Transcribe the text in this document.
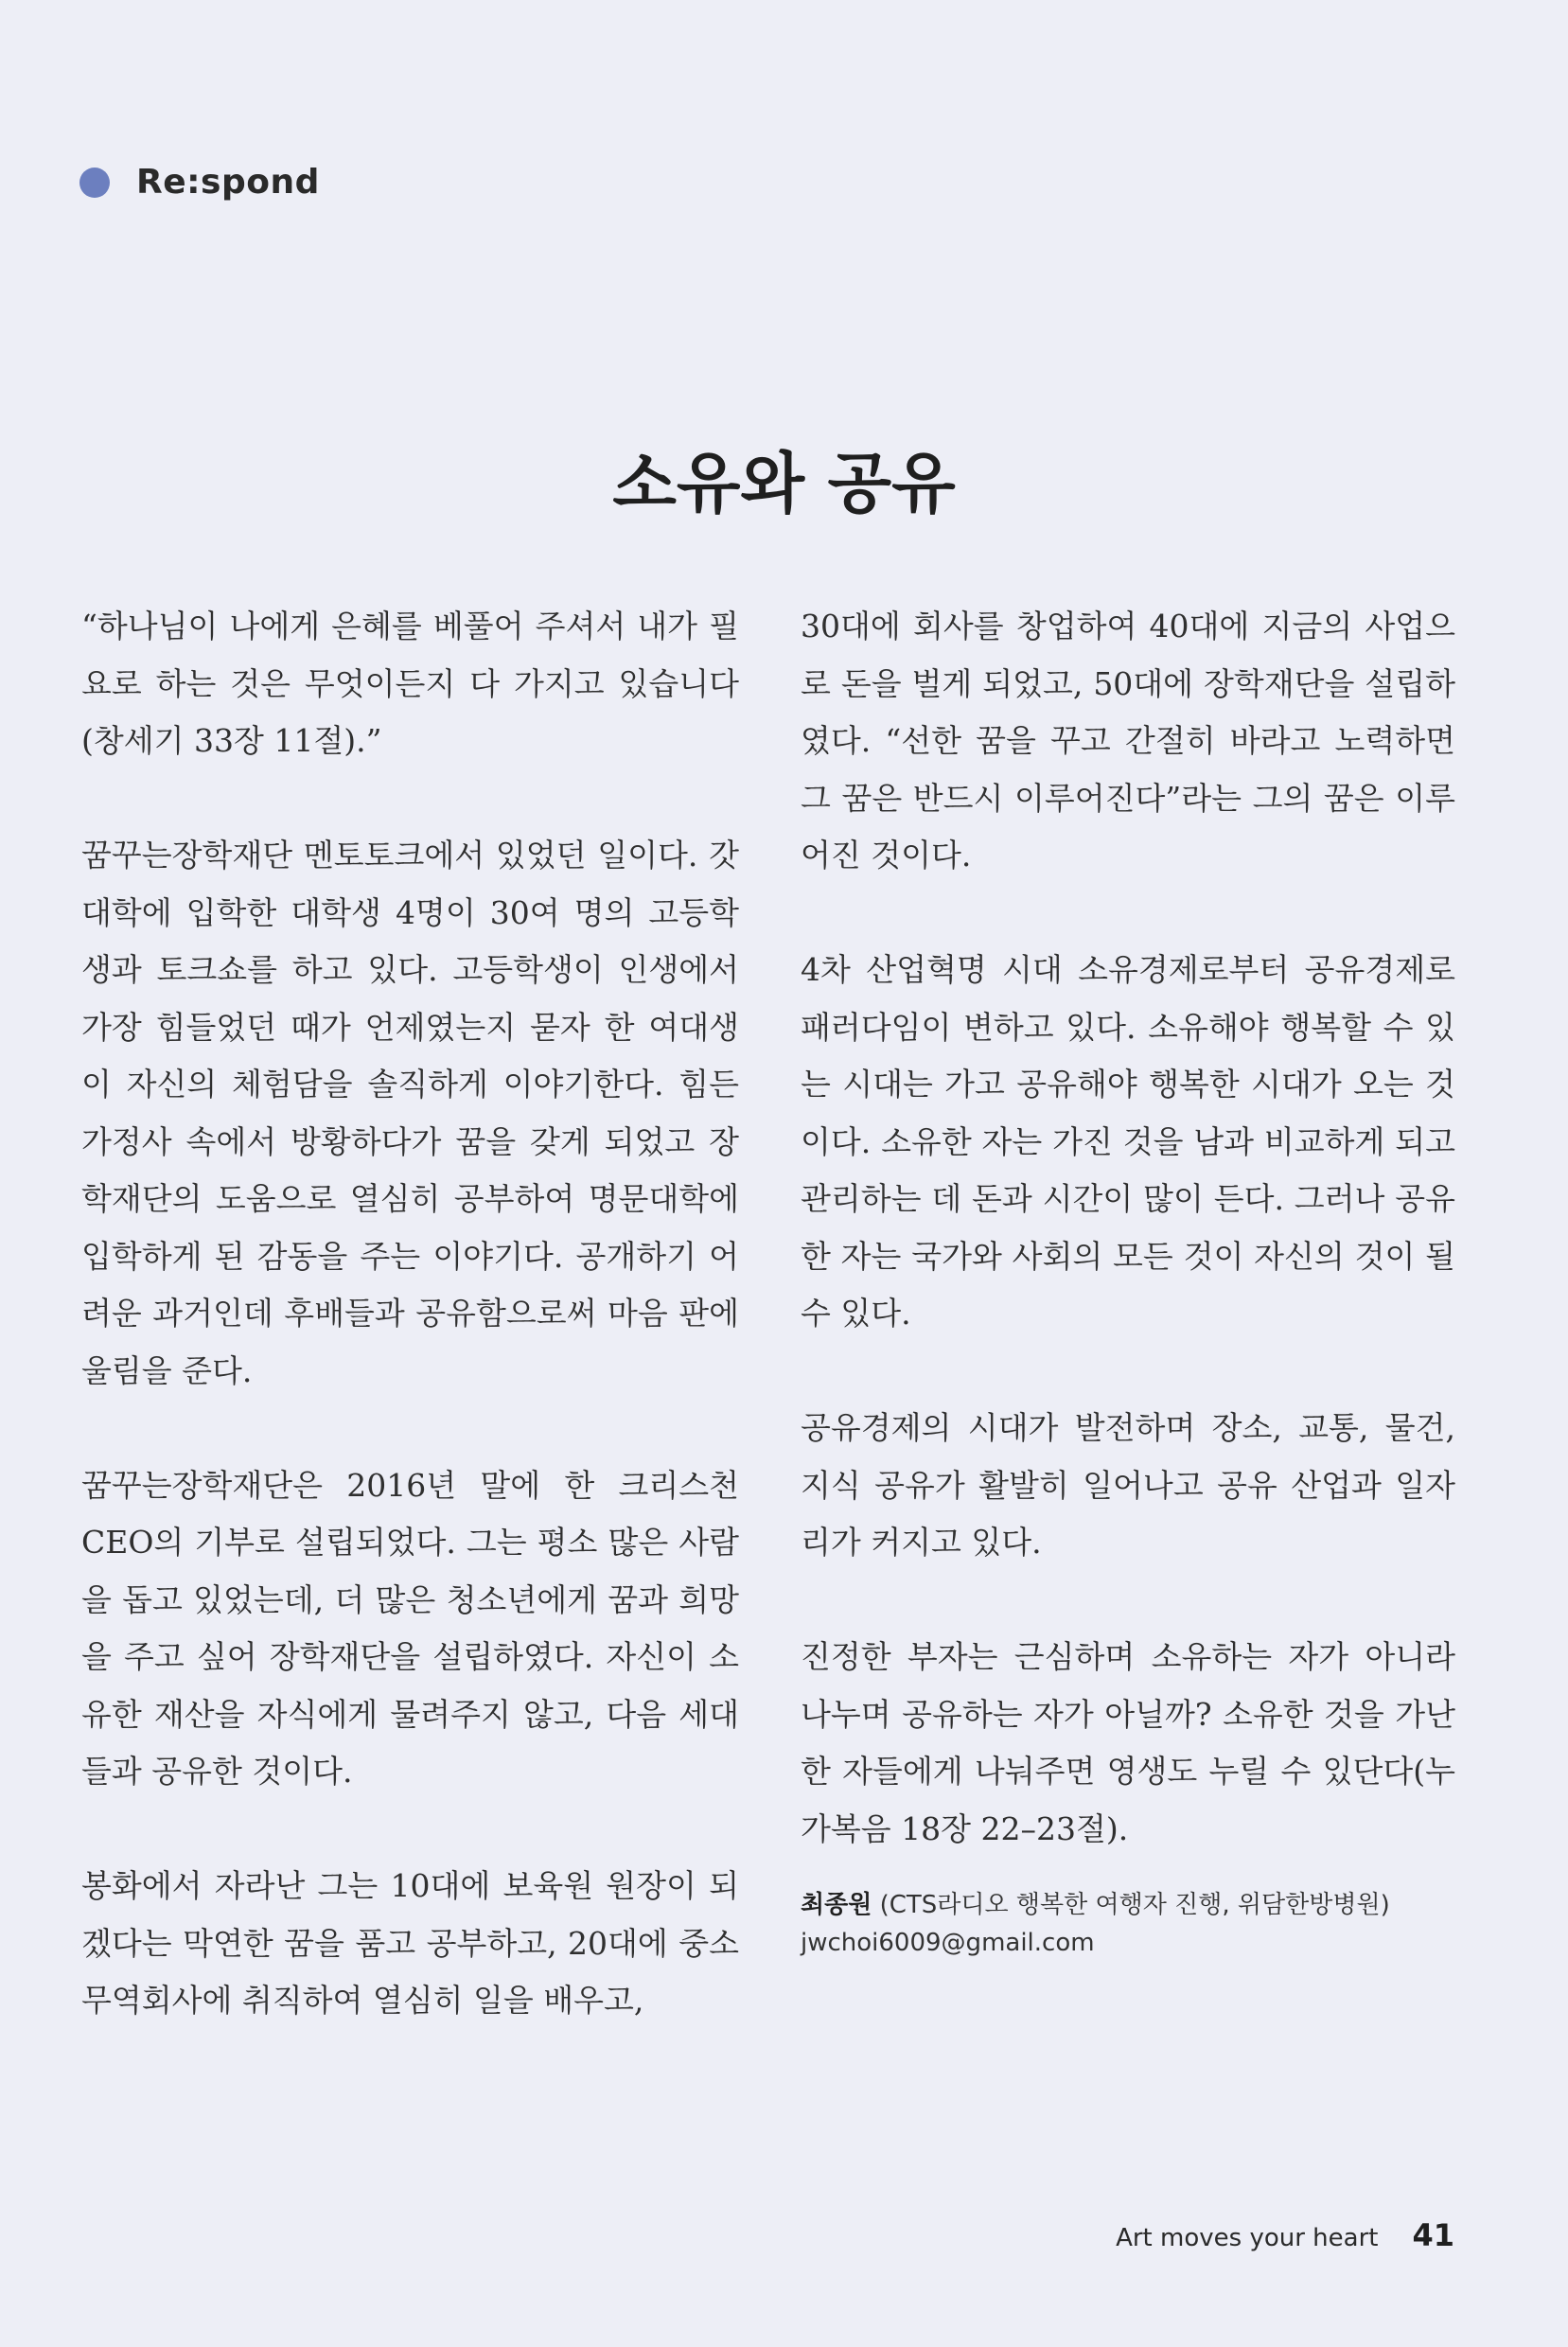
Re:spond
소유와 공유

“하나님이 나에게 은혜를 베풀어 주셔서 내가 필요로 하는 것은 무엇이든지 다 가지고 있습니다(창세기 33장 11절).”

꿈꾸는장학재단 멘토토크에서 있었던 일이다. 갓 대학에 입학한 대학생 4명이 30여 명의 고등학생과 토크쇼를 하고 있다. 고등학생이 인생에서 가장 힘들었던 때가 언제였는지 묻자 한 여대생이 자신의 체험담을 솔직하게 이야기한다. 힘든 가정사 속에서 방황하다가 꿈을 갖게 되었고 장학재단의 도움으로 열심히 공부하여 명문대학에 입학하게 된 감동을 주는 이야기다. 공개하기 어려운 과거인데 후배들과 공유함으로써 마음 판에 울림을 준다.

꿈꾸는장학재단은 2016년 말에 한 크리스천 CEO의 기부로 설립되었다. 그는 평소 많은 사람을 돕고 있었는데, 더 많은 청소년에게 꿈과 희망을 주고 싶어 장학재단을 설립하였다. 자신이 소유한 재산을 자식에게 물려주지 않고, 다음 세대들과 공유한 것이다.

봉화에서 자라난 그는 10대에 보육원 원장이 되겠다는 막연한 꿈을 품고 공부하고, 20대에 중소 무역회사에 취직하여 열심히 일을 배우고,

30대에 회사를 창업하여 40대에 지금의 사업으로 돈을 벌게 되었고, 50대에 장학재단을 설립하였다. “선한 꿈을 꾸고 간절히 바라고 노력하면 그 꿈은 반드시 이루어진다”라는 그의 꿈은 이루어진 것이다.

4차 산업혁명 시대 소유경제로부터 공유경제로 패러다임이 변하고 있다. 소유해야 행복할 수 있는 시대는 가고 공유해야 행복한 시대가 오는 것이다. 소유한 자는 가진 것을 남과 비교하게 되고 관리하는 데 돈과 시간이 많이 든다. 그러나 공유한 자는 국가와 사회의 모든 것이 자신의 것이 될 수 있다.

공유경제의 시대가 발전하며 장소, 교통, 물건, 지식 공유가 활발히 일어나고 공유 산업과 일자리가 커지고 있다.

진정한 부자는 근심하며 소유하는 자가 아니라 나누며 공유하는 자가 아닐까? 소유한 것을 가난한 자들에게 나눠주면 영생도 누릴 수 있단다(누가복음 18장 22–23절).

최종원 (CTS라디오 행복한 여행자 진행, 위담한방병원)
jwchoi6009@gmail.com
Art moves your heart 41
